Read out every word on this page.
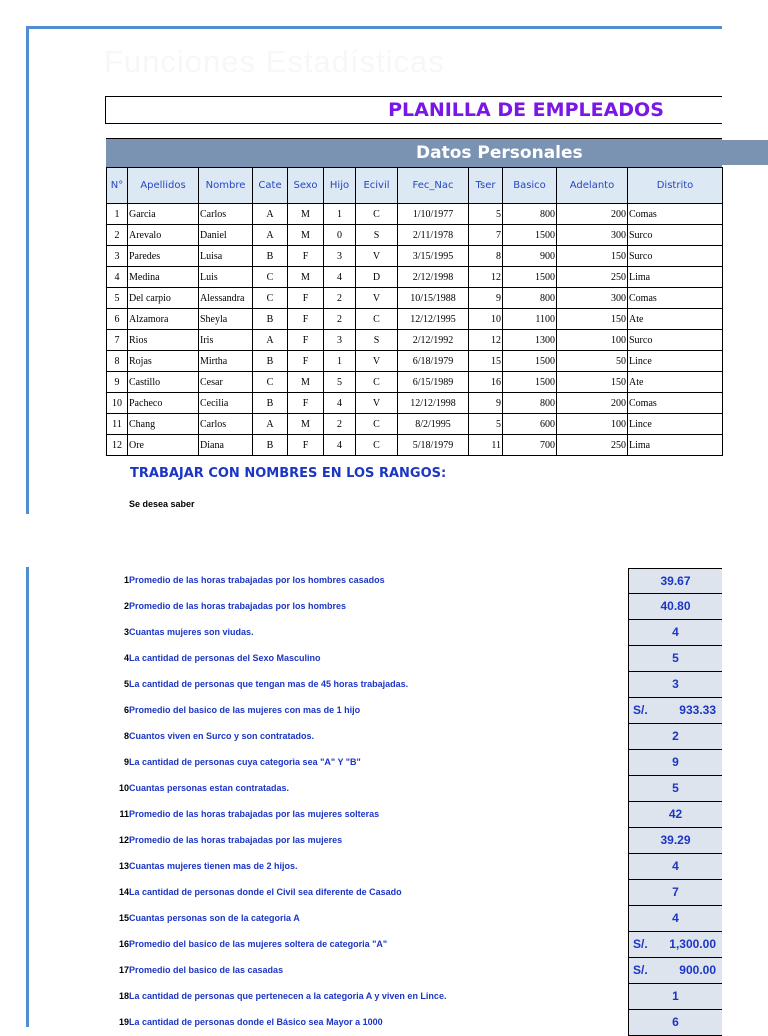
Funciones Estadísticas
PLANILLA DE EMPLEADOS
Datos Personales
N°	Apellidos	Nombre	Cate	Sexo	Hijo	Ecivil	Fec_Nac	Tser	Basico	Adelanto	Distrito
1	Garcia	Carlos	A	M	1	C	1/10/1977	5	800	200	Comas
2	Arevalo	Daniel	A	M	0	S	2/11/1978	7	1500	300	Surco
3	Paredes	Luisa	B	F	3	V	3/15/1995	8	900	150	Surco
4	Medina	Luis	C	M	4	D	2/12/1998	12	1500	250	Lima
5	Del carpio	Alessandra	C	F	2	V	10/15/1988	9	800	300	Comas
6	Alzamora	Sheyla	B	F	2	C	12/12/1995	10	1100	150	Ate
7	Rios	Iris	A	F	3	S	2/12/1992	12	1300	100	Surco
8	Rojas	Mirtha	B	F	1	V	6/18/1979	15	1500	50	Lince
9	Castillo	Cesar	C	M	5	C	6/15/1989	16	1500	150	Ate
10	Pacheco	Cecilia	B	F	4	V	12/12/1998	9	800	200	Comas
11	Chang	Carlos	A	M	2	C	8/2/1995	5	600	100	Lince
12	Ore	Diana	B	F	4	C	5/18/1979	11	700	250	Lima
TRABAJAR CON NOMBRES EN LOS RANGOS:
Se desea saber
1 Promedio de las horas trabajadas por los hombres casados	39.67
2 Promedio de las horas trabajadas por los hombres	40.80
3 Cuantas mujeres son viudas.	4
4 La cantidad de personas del Sexo Masculino	5
5 La cantidad de personas que tengan mas de 45 horas trabajadas.	3
6 Promedio del basico de las mujeres con mas de 1 hijo	S/.	933.33
8 Cuantos viven en Surco y son contratados.	2
9 La cantidad de personas cuya categorìa sea "A" Y "B"	9
10 Cuantas personas estan contratadas.	5
11 Promedio de las horas trabajadas por las mujeres solteras	42
12 Promedio de las horas trabajadas por las mujeres	39.29
13 Cuantas mujeres tienen mas de 2 hijos.	4
14 La cantidad de personas donde el Civil sea diferente de Casado	7
15 Cuantas personas son de la categoria A	4
16 Promedio del basico de las mujeres soltera de categoria "A"	S/. 1,300.00
17 Promedio del basico de las casadas	S/.	900.00
18 La cantidad de personas que pertenecen a la categoria A y viven en Lince.	1
19 La cantidad de personas donde el Básico sea Mayor a 1000	6
